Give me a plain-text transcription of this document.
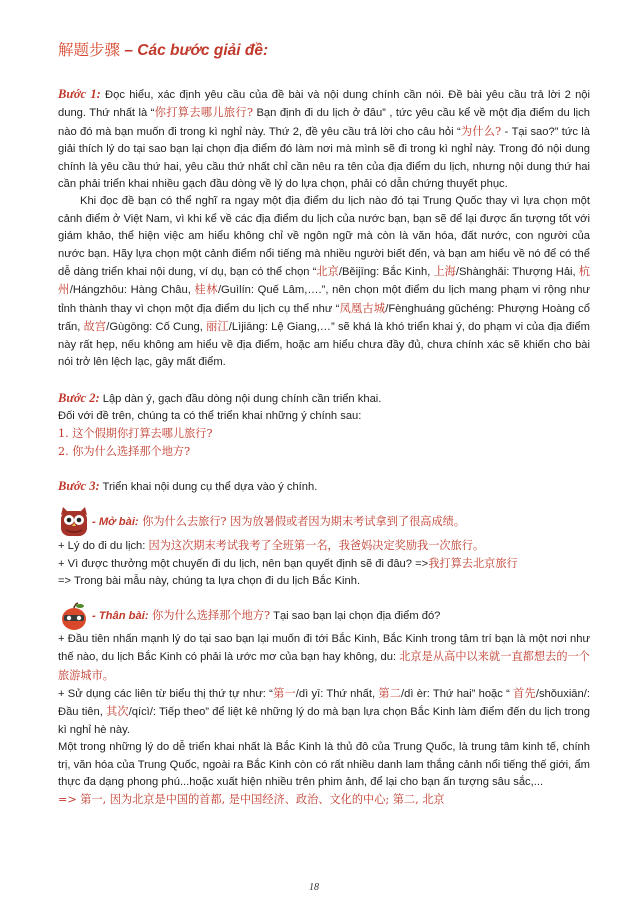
解题步骤 – Các bước giải đề:

Bước 1: Đọc hiểu, xác định yêu cầu của đề bài và nội dung chính cần nói. Đề bài yêu cầu trả lời 2 nội dung. Thứ nhất là “你打算去哪儿旅行? Bạn định đi du lịch ở đâu” , tức yêu cầu kể về một địa điểm du lịch nào đó mà bạn muốn đi trong kì nghỉ này. Thứ 2, đề yêu cầu trả lời cho câu hỏi “为什么? - Tại sao?” tức là giải thích lý do tại sao bạn lại chọn địa điểm đó làm nơi mà mình sẽ đi trong kì nghỉ này. Trong đó nội dung chính là yêu cầu thứ hai, yêu cầu thứ nhất chỉ cần nêu ra tên của địa điểm du lịch, nhưng nội dung thứ hai cần phải triển khai nhiều gạch đầu dòng về lý do lựa chọn, phải có dẫn chứng thuyết phục.

Khi đọc đề bạn có thể nghĩ ra ngay một địa điểm du lịch nào đó tại Trung Quốc thay vì lựa chọn một cảnh điểm ở Việt Nam, vì khi kể về các địa điểm du lịch của nước bạn, bạn sẽ để lại được ấn tượng tốt với giám khảo, thể hiện việc am hiểu không chỉ về ngôn ngữ mà còn là văn hóa, đất nước, con người của nước bạn. Hãy lựa chọn một cảnh điểm nổi tiếng mà nhiều người biết đến, và bạn am hiểu về nó để có thể dễ dàng triển khai nội dung, ví dụ, bạn có thể chọn “北京/Běijīng: Bắc Kinh, 上海/Shànghǎi: Thượng Hải, 杭州/Hángzhōu: Hàng Châu, 桂林/Guìlín: Quế Lâm,….”, nên chọn một điểm du lịch mang phạm vi rộng như tỉnh thành thay vì chọn một địa điểm du lịch cụ thể như “凤凰古城/Fènghuáng gǔchéng: Phượng Hoàng cổ trấn, 故宫/Gùgōng: Cố Cung, 丽江/Lìjiāng: Lệ Giang,…” sẽ khá là khó triển khai ý, do phạm vi của địa điểm này rất hẹp, nếu không am hiểu về địa điểm, hoặc am hiểu chưa đầy đủ, chưa chính xác sẽ khiến cho bài nói trở lên lệch lạc, gây mất điểm.

Bước 2: Lập dàn ý, gạch đầu dòng nội dung chính cần triển khai.

Đối với đề trên, chúng ta có thể triển khai những ý chính sau:

1. 这个假期你打算去哪儿旅行?

2. 你为什么选择那个地方?

Bước 3: Triển khai nội dung cụ thể dựa vào ý chính.

- Mở bài: 你为什么去旅行? 因为放暑假或者因为期末考试拿到了很高成绩。

+ Lý do đi du lịch: 因为这次期末考试我考了全班第一名，我爸妈决定奖励我一次旅行。

+ Vì được thưởng một chuyến đi du lịch, nên bạn quyết định sẽ đi đâu? =>我打算去北京旅行

=> Trong bài mẫu này, chúng ta lựa chọn đi du lịch Bắc Kinh.

- Thân bài: 你为什么选择那个地方? Tại sao bạn lại chọn địa điểm đó?

+ Đầu tiên nhấn mạnh lý do tại sao bạn lại muốn đi tới Bắc Kinh, Bắc Kinh trong tâm trí bạn là một nơi như thế nào, du lịch Bắc Kinh có phải là ước mơ của bạn hay không, du: 北京是从高中以来就一直都想去的一个旅游城市。

+ Sử dụng các liên từ biểu thị thứ tự như: “第一/dì yī: Thứ nhất, 第二/dì èr: Thứ hai” hoặc “ 首先/shǒuxiān/: Đầu tiên, 其次/qícì/: Tiếp theo” để liệt kê những lý do mà bạn lựa chọn Bắc Kinh làm điểm đến du lịch trong kì nghỉ hè này.

Một trong những lý do dễ triển khai nhất là Bắc Kinh là thủ đô của Trung Quốc, là trung tâm kinh tế, chính trị, văn hóa của Trung Quốc, ngoài ra Bắc Kinh còn có rất nhiều danh lam thắng cảnh nổi tiếng thế giới, ẩm thực đa dạng phong phú...hoặc xuất hiện nhiều trên phim ảnh, để lại cho bạn ấn tượng sâu sắc,...

=> 第一, 因为北京是中国的首都, 是中国经济、政治、文化的中心; 第二, 北京

18
